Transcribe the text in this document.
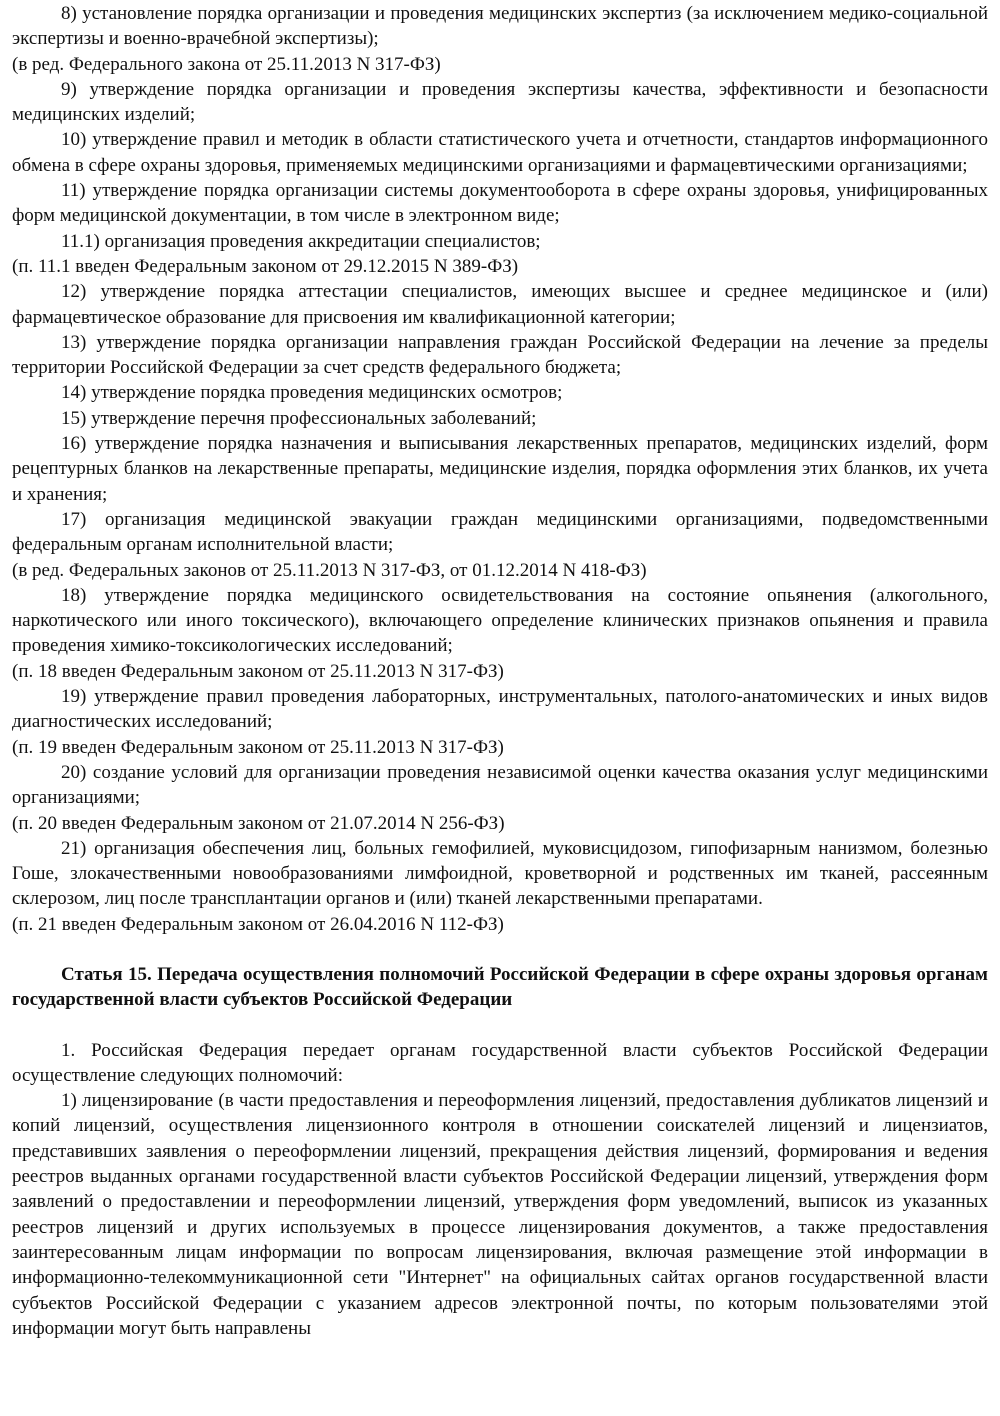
8) установление порядка организации и проведения медицинских экспертиз (за исключением медико-социальной экспертизы и военно-врачебной экспертизы);

(в ред. Федерального закона от 25.11.2013 N 317-ФЗ)

9) утверждение порядка организации и проведения экспертизы качества, эффективности и безопасности медицинских изделий;

10) утверждение правил и методик в области статистического учета и отчетности, стандартов информационного обмена в сфере охраны здоровья, применяемых медицинскими организациями и фармацевтическими организациями;

11) утверждение порядка организации системы документооборота в сфере охраны здоровья, унифицированных форм медицинской документации, в том числе в электронном виде;

11.1) организация проведения аккредитации специалистов;

(п. 11.1 введен Федеральным законом от 29.12.2015 N 389-ФЗ)

12) утверждение порядка аттестации специалистов, имеющих высшее и среднее медицинское и (или) фармацевтическое образование для присвоения им квалификационной категории;

13) утверждение порядка организации направления граждан Российской Федерации на лечение за пределы территории Российской Федерации за счет средств федерального бюджета;

14) утверждение порядка проведения медицинских осмотров;

15) утверждение перечня профессиональных заболеваний;

16) утверждение порядка назначения и выписывания лекарственных препаратов, медицинских изделий, форм рецептурных бланков на лекарственные препараты, медицинские изделия, порядка оформления этих бланков, их учета и хранения;

17) организация медицинской эвакуации граждан медицинскими организациями, подведомственными федеральным органам исполнительной власти;

(в ред. Федеральных законов от 25.11.2013 N 317-ФЗ, от 01.12.2014 N 418-ФЗ)

18) утверждение порядка медицинского освидетельствования на состояние опьянения (алкогольного, наркотического или иного токсического), включающего определение клинических признаков опьянения и правила проведения химико-токсикологических исследований;

(п. 18 введен Федеральным законом от 25.11.2013 N 317-ФЗ)

19) утверждение правил проведения лабораторных, инструментальных, патолого-анатомических и иных видов диагностических исследований;

(п. 19 введен Федеральным законом от 25.11.2013 N 317-ФЗ)

20) создание условий для организации проведения независимой оценки качества оказания услуг медицинскими организациями;

(п. 20 введен Федеральным законом от 21.07.2014 N 256-ФЗ)

21) организация обеспечения лиц, больных гемофилией, муковисцидозом, гипофизарным нанизмом, болезнью Гоше, злокачественными новообразованиями лимфоидной, кроветворной и родственных им тканей, рассеянным склерозом, лиц после трансплантации органов и (или) тканей лекарственными препаратами.

(п. 21 введен Федеральным законом от 26.04.2016 N 112-ФЗ)

Статья 15. Передача осуществления полномочий Российской Федерации в сфере охраны здоровья органам государственной власти субъектов Российской Федерации

1. Российская Федерация передает органам государственной власти субъектов Российской Федерации осуществление следующих полномочий:

1) лицензирование (в части предоставления и переоформления лицензий, предоставления дубликатов лицензий и копий лицензий, осуществления лицензионного контроля в отношении соискателей лицензий и лицензиатов, представивших заявления о переоформлении лицензий, прекращения действия лицензий, формирования и ведения реестров выданных органами государственной власти субъектов Российской Федерации лицензий, утверждения форм заявлений о предоставлении и переоформлении лицензий, утверждения форм уведомлений, выписок из указанных реестров лицензий и других используемых в процессе лицензирования документов, а также предоставления заинтересованным лицам информации по вопросам лицензирования, включая размещение этой информации в информационно-телекоммуникационной сети "Интернет" на официальных сайтах органов государственной власти субъектов Российской Федерации с указанием адресов электронной почты, по которым пользователями этой информации могут быть направлены
